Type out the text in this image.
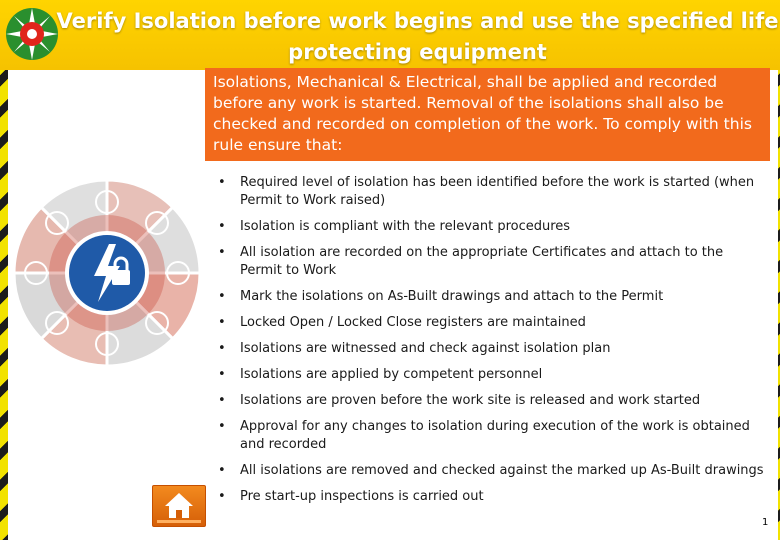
Verify Isolation before work begins and use the specified life protecting equipment
Isolations, Mechanical & Electrical, shall be applied and recorded before any work is started. Removal of the isolations shall also be checked and recorded on completion of the work. To comply with this rule ensure that:
• Required level of isolation has been identified before the work is started (when Permit to Work raised)
• Isolation is compliant with the relevant procedures
• All isolation are recorded on the appropriate Certificates and attach to the Permit to Work
• Mark the isolations on As-Built drawings and attach to the Permit
• Locked Open / Locked Close registers are maintained
• Isolations are witnessed and check against isolation plan
• Isolations are applied by competent personnel
• Isolations are proven before the work site is released and work started
• Approval for any changes to isolation during execution of the work is obtained and recorded
• All isolations are removed and checked against the marked up As-Built drawings
• Pre start-up inspections is carried out
1
